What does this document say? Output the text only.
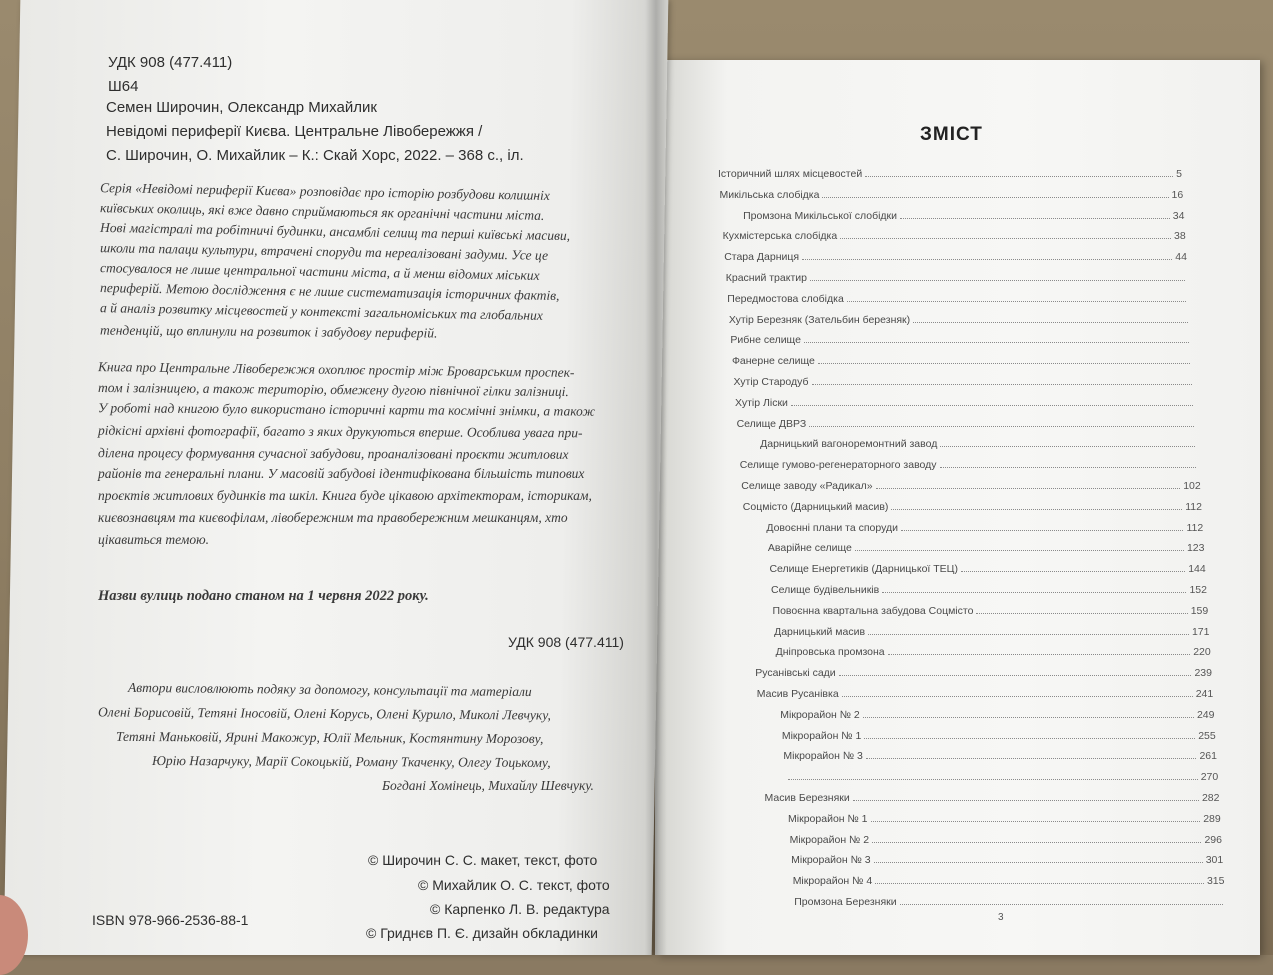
УДК 908 (477.411)
Ш64
Семен Широчин, Олександр Михайлик
Невідомі периферії Києва. Центральне Лівобережжя /
С. Широчин, О. Михайлик – К.: Скай Хорс, 2022. – 368 с., іл.
Серія «Невідомі периферії Києва» розповідає про історію розбудови колишніх
київських околиць, які вже давно сприймаються як органічні частини міста.
Нові магістралі та робітничі будинки, ансамблі селищ та перші київські масиви,
школи та палаци культури, втрачені споруди та нереалізовані задуми. Усе це
стосувалося не лише центральної частини міста, а й менш відомих міських
периферій. Метою дослідження є не лише систематизація історичних фактів,
а й аналіз розвитку місцевостей у контексті загальноміських та глобальних
тенденцій, що вплинули на розвиток і забудову периферій.
Книга про Центральне Лівобережжя охоплює простір між Броварським проспек-
том і залізницею, а також територію, обмежену дугою північної гілки залізниці.
У роботі над книгою було використано історичні карти та космічні знімки, а також
рідкісні архівні фотографії, багато з яких друкуються вперше. Особлива увага при-
ділена процесу формування сучасної забудови, проаналізовані проєкти житлових
районів та генеральні плани. У масовій забудові ідентифікована більшість типових
проєктів житлових будинків та шкіл. Книга буде цікавою архітекторам, історикам,
києвознавцям та києвофілам, лівобережним та правобережним мешканцям, хто
цікавиться темою.
Назви вулиць подано станом на 1 червня 2022 року.
УДК 908 (477.411)
Автори висловлюють подяку за допомогу, консультації та матеріали
Олені Борисовій, Тетяні Іносовій, Олені Корусь, Олені Курило, Миколі Левчуку,
Тетяні Маньковій, Ярині Макожур, Юлії Мельник, Костянтину Морозову,
Юрію Назарчуку, Марії Сокоцькій, Роману Ткаченку, Олегу Тоцькому,
Богдані Хомінець, Михайлу Шевчуку.
© Широчин С. С. макет, текст, фото
© Михайлик О. С. текст, фото
© Карпенко Л. В. редактура
© Гриднєв П. Є. дизайн обкладинки
ISBN 978-966-2536-88-1
ЗМІСТ
Історичний шлях місцевостей	5
Микільська слобідка	16
Промзона Микільської слобідки	34
Кухмістерська слобідка	38
Стара Дарниця	44
Красний трактир
Передмостова слобідка
Хутір Березняк (Зательбин березняк)
Рибне селище
Фанерне селище
Хутір Стародуб
Хутір Ліски
Селище ДВРЗ
Дарницький вагоноремонтний завод
Селище гумово-регенераторного заводу
Селище заводу «Радикал»	102
Соцмісто (Дарницький масив)	112
Довоєнні плани та споруди	112
Аварійне селище	123
Селище Енергетиків (Дарницької ТЕЦ)	144
Селище будівельників	152
Повоєнна квартальна забудова Соцмісто	159
Дарницький масив	171
Дніпровська промзона	220
Русанівські сади	239
Масив Русанівка	241
Мікрорайон № 2	249
Мікрорайон № 1	255
Мікрорайон № 3	261
270
Масив Березняки	282
Мікрорайон № 1	289
Мікрорайон № 2	296
Мікрорайон № 3	301
Мікрорайон № 4	315
Промзона Березняки
3
